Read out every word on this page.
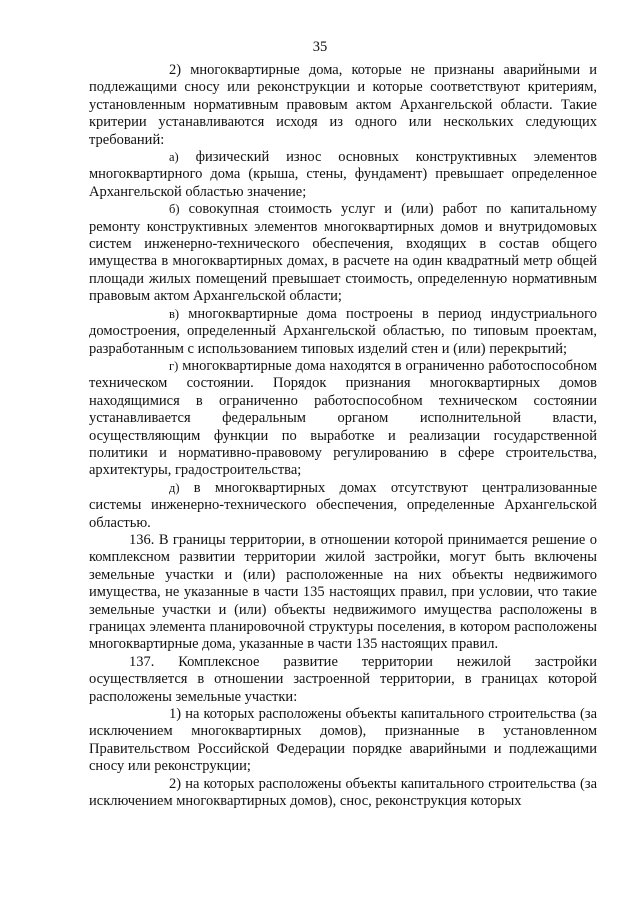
35

2) многоквартирные дома, которые не признаны аварийными и подлежащими сносу или реконструкции и которые соответствуют критериям, установленным нормативным правовым актом Архангельской области. Такие критерии устанавливаются исходя из одного или нескольких следующих требований:

а) физический износ основных конструктивных элементов многоквартирного дома (крыша, стены, фундамент) превышает определенное Архангельской областью значение;

б) совокупная стоимость услуг и (или) работ по капитальному ремонту конструктивных элементов многоквартирных домов и внутридомовых систем инженерно-технического обеспечения, входящих в состав общего имущества в многоквартирных домах, в расчете на один квадратный метр общей площади жилых помещений превышает стоимость, определенную нормативным правовым актом Архангельской области;

в) многоквартирные дома построены в период индустриального домостроения, определенный Архангельской областью, по типовым проектам, разработанным с использованием типовых изделий стен и (или) перекрытий;

г) многоквартирные дома находятся в ограниченно работоспособном техническом состоянии. Порядок признания многоквартирных домов находящимися в ограниченно работоспособном техническом состоянии устанавливается федеральным органом исполнительной власти, осуществляющим функции по выработке и реализации государственной политики и нормативно-правовому регулированию в сфере строительства, архитектуры, градостроительства;

д) в многоквартирных домах отсутствуют централизованные системы инженерно-технического обеспечения, определенные Архангельской областью.

136. В границы территории, в отношении которой принимается решение о комплексном развитии территории жилой застройки, могут быть включены земельные участки и (или) расположенные на них объекты недвижимого имущества, не указанные в части 135 настоящих правил, при условии, что такие земельные участки и (или) объекты недвижимого имущества расположены в границах элемента планировочной структуры поселения, в котором расположены многоквартирные дома, указанные в части 135 настоящих правил.

137. Комплексное развитие территории нежилой застройки осуществляется в отношении застроенной территории, в границах которой расположены земельные участки:

1) на которых расположены объекты капитального строительства (за исключением многоквартирных домов), признанные в установленном Правительством Российской Федерации порядке аварийными и подлежащими сносу или реконструкции;

2) на которых расположены объекты капитального строительства (за исключением многоквартирных домов), снос, реконструкция которых
